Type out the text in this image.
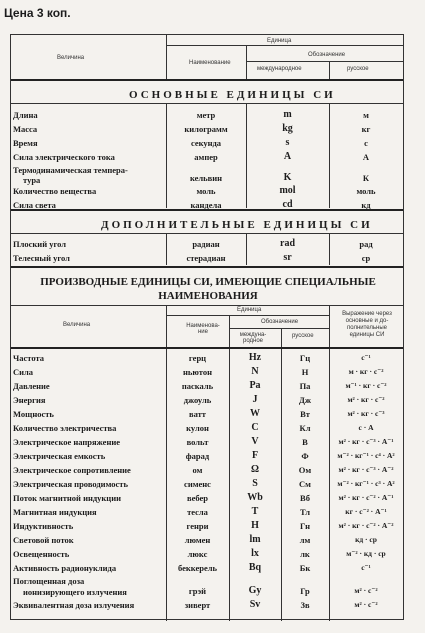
Цена 3 коп.
Величина
Единица
Наименование
Обозначение
международное	русское
ОСНОВНЫЕ ЕДИНИЦЫ СИ
Длина	метр	m	м
Масса	килограмм	kg	кг
Время	секунда	s	с
Сила электрического тока	ампер	A	А
Термодинамическая темпера-
тура	кельвин	K	К
Количество вещества	моль	mol	моль
Сила света	кандела	cd	кд
ДОПОЛНИТЕЛЬНЫЕ ЕДИНИЦЫ СИ
Плоский угол	радиан	rad	рад
Телесный угол	стерадиан	sr	ср
ПРОИЗВОДНЫЕ ЕДИНИЦЫ СИ, ИМЕЮЩИЕ СПЕЦИАЛЬНЫЕ
НАИМЕНОВАНИЯ
Величина
Единица
Наименова-
ние
Обозначение
междуна-
родное
русское
Выражение через
основные и до-
полнительные
единицы СИ
Частота	герц	Hz	Гц	с⁻¹
Сила	ньютон	N	Н	м · кг · с⁻²
Давление	паскаль	Pa	Па	м⁻¹ · кг · с⁻²
Энергия	джоуль	J	Дж	м² · кг · с⁻²
Мощность	ватт	W	Вт	м² · кг · с⁻³
Количество электричества	кулон	C	Кл	с · А
Электрическое напряжение	вольт	V	В	м² · кг · с⁻³ · А⁻¹
Электрическая емкость	фарад	F	Ф	м⁻² · кг⁻¹ · с⁴ · А²
Электрическое сопротивление	ом	Ω	Ом	м² · кг · с⁻³ · А⁻²
Электрическая проводимость	сименс	S	См	м⁻² · кг⁻¹ · с³ · А²
Поток магнитной индукции	вебер	Wb	Вб	м² · кг · с⁻² · А⁻¹
Магнитная индукция	тесла	T	Тл	кг · с⁻² · А⁻¹
Индуктивность	генри	H	Гн	м² · кг · с⁻² · А⁻²
Световой поток	люмен	lm	лм	кд · ср
Освещенность	люкс	lx	лк	м⁻² · кд · ср
Активность радионуклида	беккерель	Bq	Бк	с⁻¹
Поглощенная доза
ионизирующего излучения	грэй	Gy	Гр	м² · с⁻²
Эквивалентная доза излучения	зиверт	Sv	Зв	м² · с⁻²
